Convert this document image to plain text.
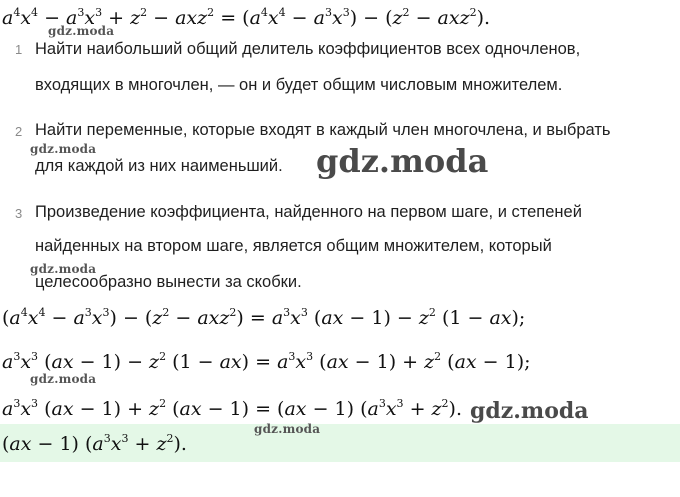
$a^4x^4 - a^3x^3 + z^2 - axz^2 = (a^4x^4 - a^3x^3) - (z^2 - axz^2)$.
gdz.moda
1 Найти наибольший общий делитель коэффициентов всех одночленов,
входящих в многочлен, — он и будет общим числовым множителем.
2 Найти переменные, которые входят в каждый член многочлена, и выбрать
gdz.moda
для каждой из них наименьший. gdz.moda
3 Произведение коэффициента, найденного на первом шаге, и степеней
найденных на втором шаге, является общим множителем, который
gdz.moda
целесообразно вынести за скобки.
$(a^4x^4 - a^3x^3) - (z^2 - axz^2) = a^3x^3$ $(ax - 1) - z^2$ (1 − ax);
$a^3x^3$ $(ax - 1) - z^2$ $(1 - ax) = a^3x^3$ $(ax - 1) + z^2$ (ax − 1);
gdz.moda
$a^3x^3$ $(ax - 1) + z^2$ (ax − 1) = (ax − 1) $(a^3x^3 + z^2)$. gdz.moda
gdz.moda
(ax − 1) $(a^3x^3 + z^2)$.
